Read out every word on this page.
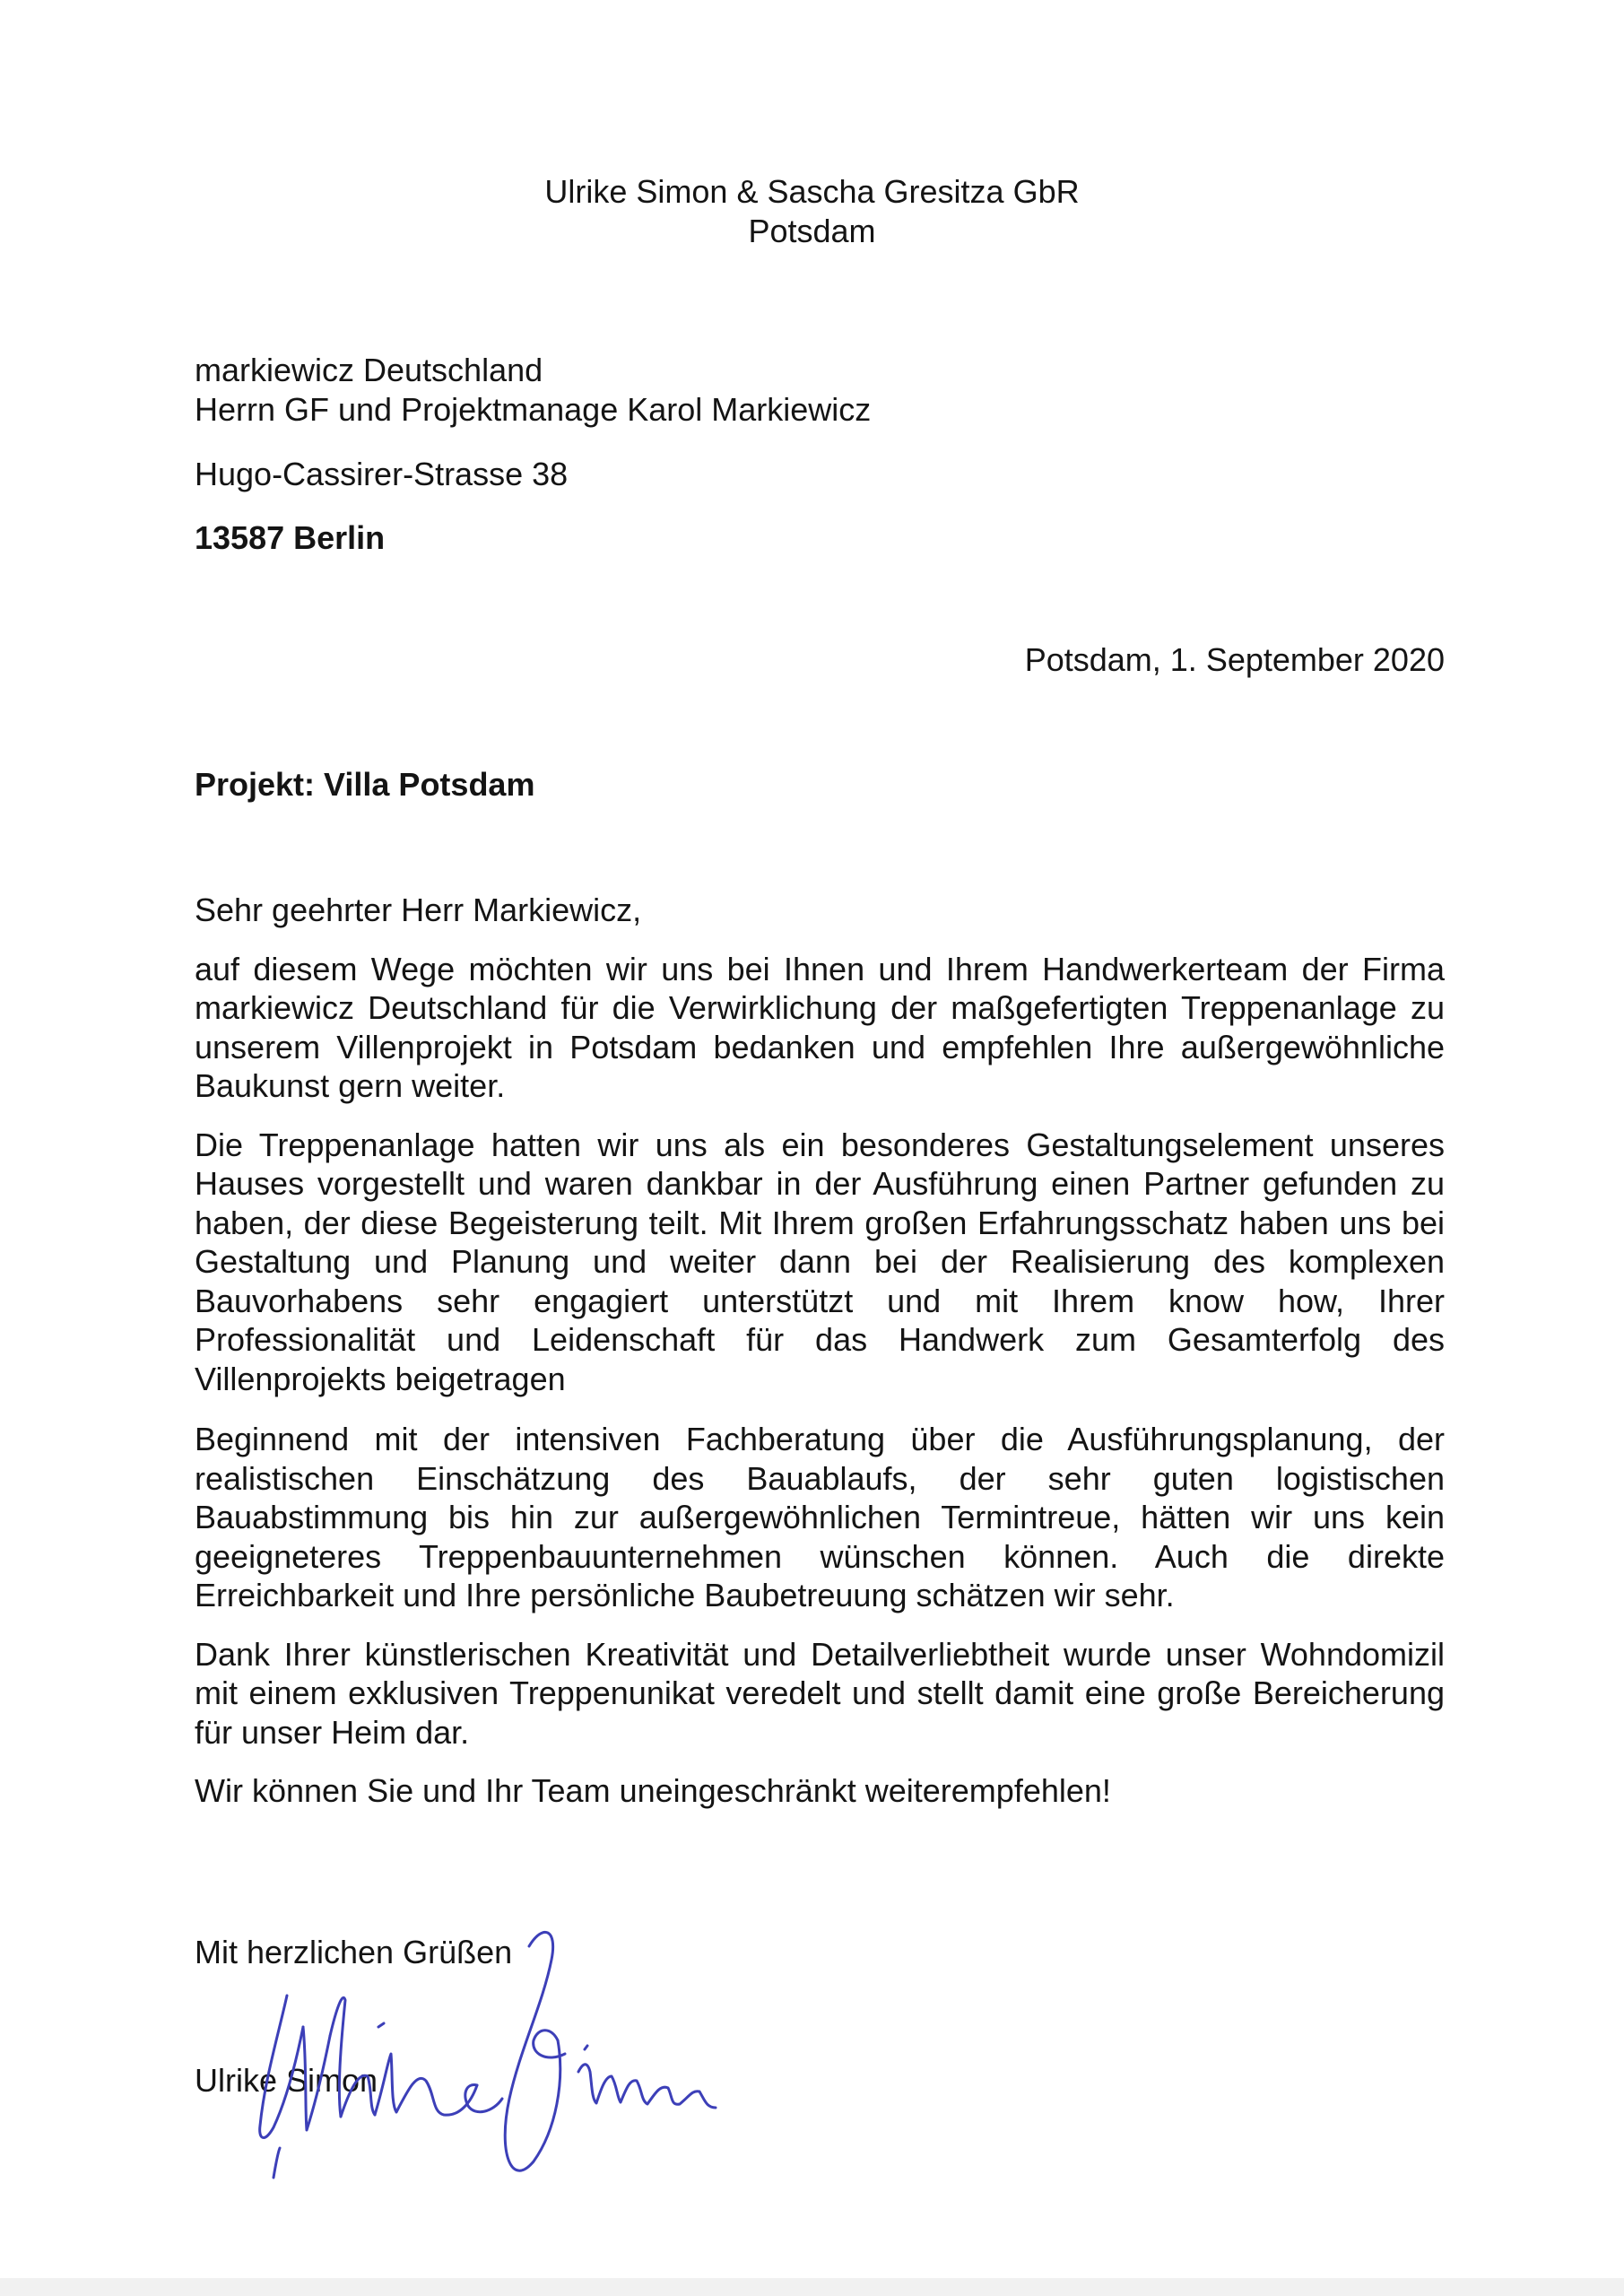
Ulrike Simon & Sascha Gresitza GbR
Potsdam
markiewicz Deutschland
Herrn GF und Projektmanage Karol Markiewicz
Hugo-Cassirer-Strasse 38
13587 Berlin
Potsdam, 1. September 2020
Projekt: Villa Potsdam

Sehr geehrter Herr Markiewicz,

auf diesem Wege möchten wir uns bei Ihnen und Ihrem Handwerkerteam der Firma markiewicz Deutschland für die Verwirklichung der maßgefertigten Treppenanlage zu unserem Villenprojekt in Potsdam bedanken und empfehlen Ihre außergewöhnliche Baukunst gern weiter.

Die Treppenanlage hatten wir uns als ein besonderes Gestaltungselement unseres Hauses vorgestellt und waren dankbar in der Ausführung einen Partner gefunden zu haben, der diese Begeisterung teilt. Mit Ihrem großen Erfahrungsschatz haben uns bei Gestaltung und Planung und weiter dann bei der Realisierung des komplexen Bauvorhabens sehr engagiert unterstützt und mit Ihrem know how, Ihrer Professionalität und Leidenschaft für das Handwerk zum Gesamterfolg des Villenprojekts beigetragen

Beginnend mit der intensiven Fachberatung über die Ausführungsplanung, der realistischen Einschätzung des Bauablaufs, der sehr guten logistischen Bauabstimmung bis hin zur außergewöhnlichen Termintreue, hätten wir uns kein geeigneteres Treppenbauunternehmen wünschen können. Auch die direkte Erreichbarkeit und Ihre persönliche Baubetreuung schätzen wir sehr.

Dank Ihrer künstlerischen Kreativität und Detailverliebtheit wurde unser Wohndomizil mit einem exklusiven Treppenunikat veredelt und stellt damit eine große Bereicherung für unser Heim dar.

Wir können Sie und Ihr Team uneingeschränkt weiterempfehlen!

Mit herzlichen Grüßen
Ulrike Simon
